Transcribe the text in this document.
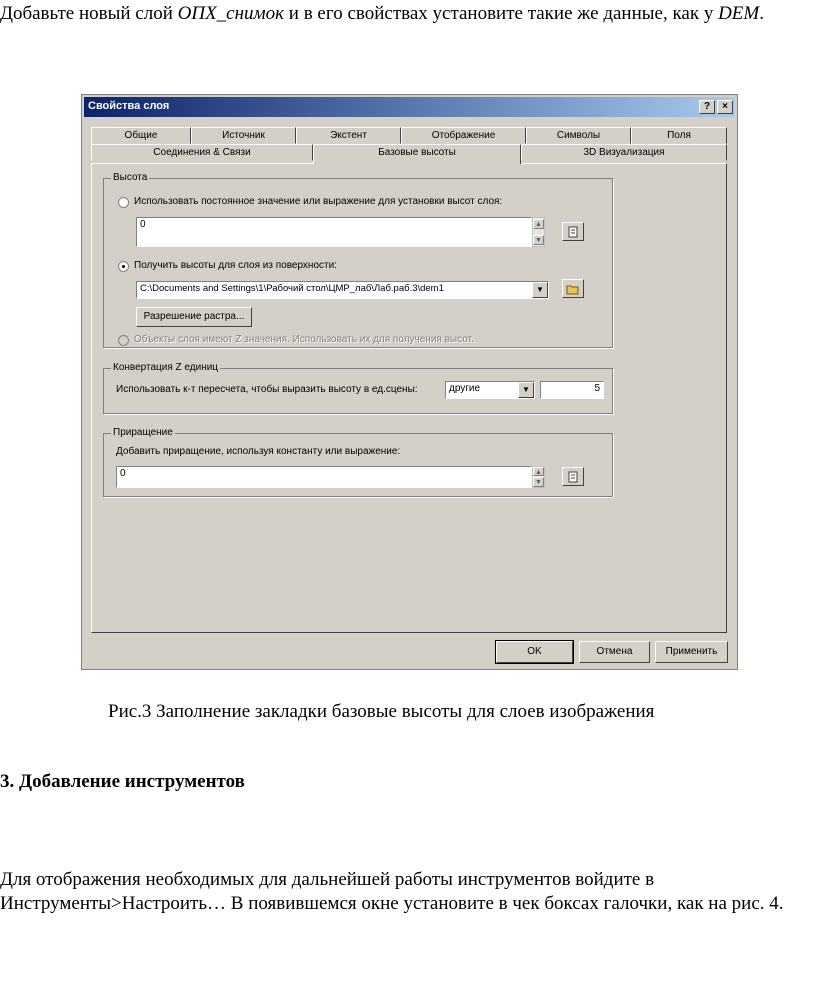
Добавьте новый слой ОПХ_снимок и в его свойствах установите такие же данные, как у DEM.
Свойства слоя	?	×
Общие	Источник	Экстент	Отображение	Символы	Поля
Соединения & Связи	Базовые высоты	3D Визуализация
Высота
Использовать постоянное значение или выражение для установки высот слоя:
0	▲
▼
Получить высоты для слоя из поверхности:
C:\Documents and Settings\1\Рабочий стол\ЦМР_лаб\Лаб.раб.3\dem1	▼
Разрешение растра...
Объекты слоя имеют Z значения. Использовать их для получения высот.
Конвертация Z единиц
Использовать к-т пересчета, чтобы выразить высоту в ед.сцены:	другие	▼	5
Приращение
Добавить приращение, используя константу или выражение:
0	▲
▼
OK	Отмена	Применить
Рис.3 Заполнение закладки базовые высоты для слоев изображения
3. Добавление инструментов
Для отображения необходимых для дальнейшей работы инструментов войдите в Инструменты>Настроить… В появившемся окне установите в чек боксах галочки, как на рис. 4.
